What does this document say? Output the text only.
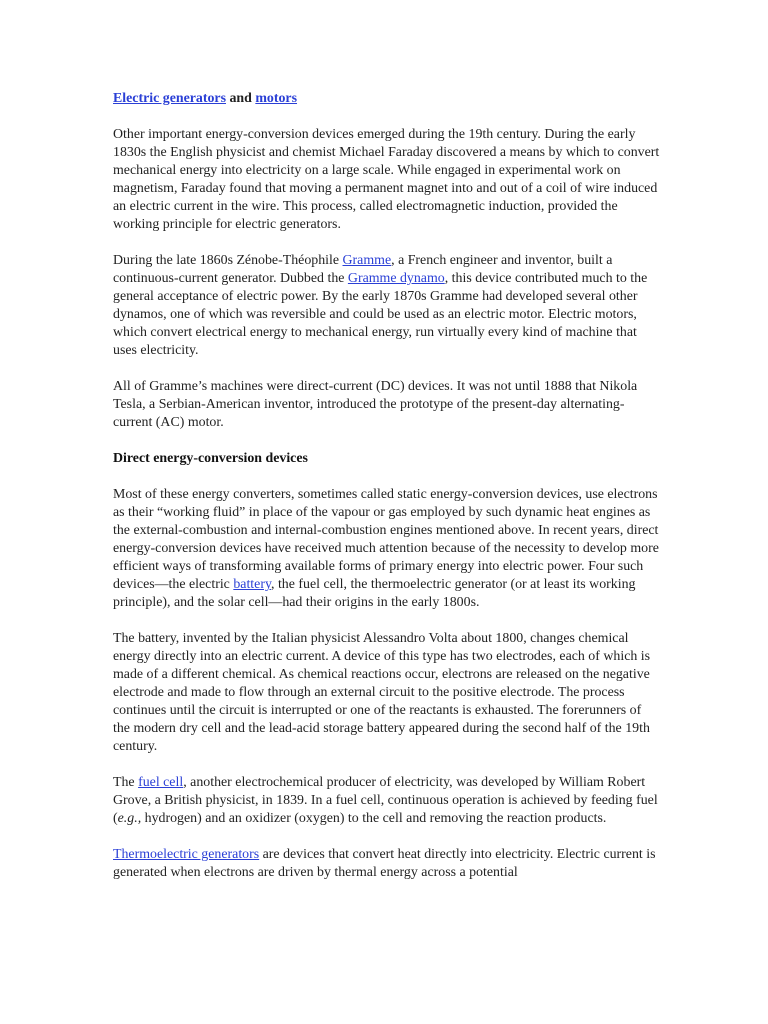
Electric generators and motors

Other important energy-conversion devices emerged during the 19th century. During the early 1830s the English physicist and chemist Michael Faraday discovered a means by which to convert mechanical energy into electricity on a large scale. While engaged in experimental work on magnetism, Faraday found that moving a permanent magnet into and out of a coil of wire induced an electric current in the wire. This process, called electromagnetic induction, provided the working principle for electric generators.

During the late 1860s Zénobe-Théophile Gramme, a French engineer and inventor, built a continuous-current generator. Dubbed the Gramme dynamo, this device contributed much to the general acceptance of electric power. By the early 1870s Gramme had developed several other dynamos, one of which was reversible and could be used as an electric motor. Electric motors, which convert electrical energy to mechanical energy, run virtually every kind of machine that uses electricity.

All of Gramme’s machines were direct-current (DC) devices. It was not until 1888 that Nikola Tesla, a Serbian-American inventor, introduced the prototype of the present-day alternating-current (AC) motor.

Direct energy-conversion devices

Most of these energy converters, sometimes called static energy-conversion devices, use electrons as their “working fluid” in place of the vapour or gas employed by such dynamic heat engines as the external-combustion and internal-combustion engines mentioned above. In recent years, direct energy-conversion devices have received much attention because of the necessity to develop more efficient ways of transforming available forms of primary energy into electric power. Four such devices—the electric battery, the fuel cell, the thermoelectric generator (or at least its working principle), and the solar cell—had their origins in the early 1800s.

The battery, invented by the Italian physicist Alessandro Volta about 1800, changes chemical energy directly into an electric current. A device of this type has two electrodes, each of which is made of a different chemical. As chemical reactions occur, electrons are released on the negative electrode and made to flow through an external circuit to the positive electrode. The process continues until the circuit is interrupted or one of the reactants is exhausted. The forerunners of the modern dry cell and the lead-acid storage battery appeared during the second half of the 19th century.

The fuel cell, another electrochemical producer of electricity, was developed by William Robert Grove, a British physicist, in 1839. In a fuel cell, continuous operation is achieved by feeding fuel (e.g., hydrogen) and an oxidizer (oxygen) to the cell and removing the reaction products.

Thermoelectric generators are devices that convert heat directly into electricity. Electric current is generated when electrons are driven by thermal energy across a potential
